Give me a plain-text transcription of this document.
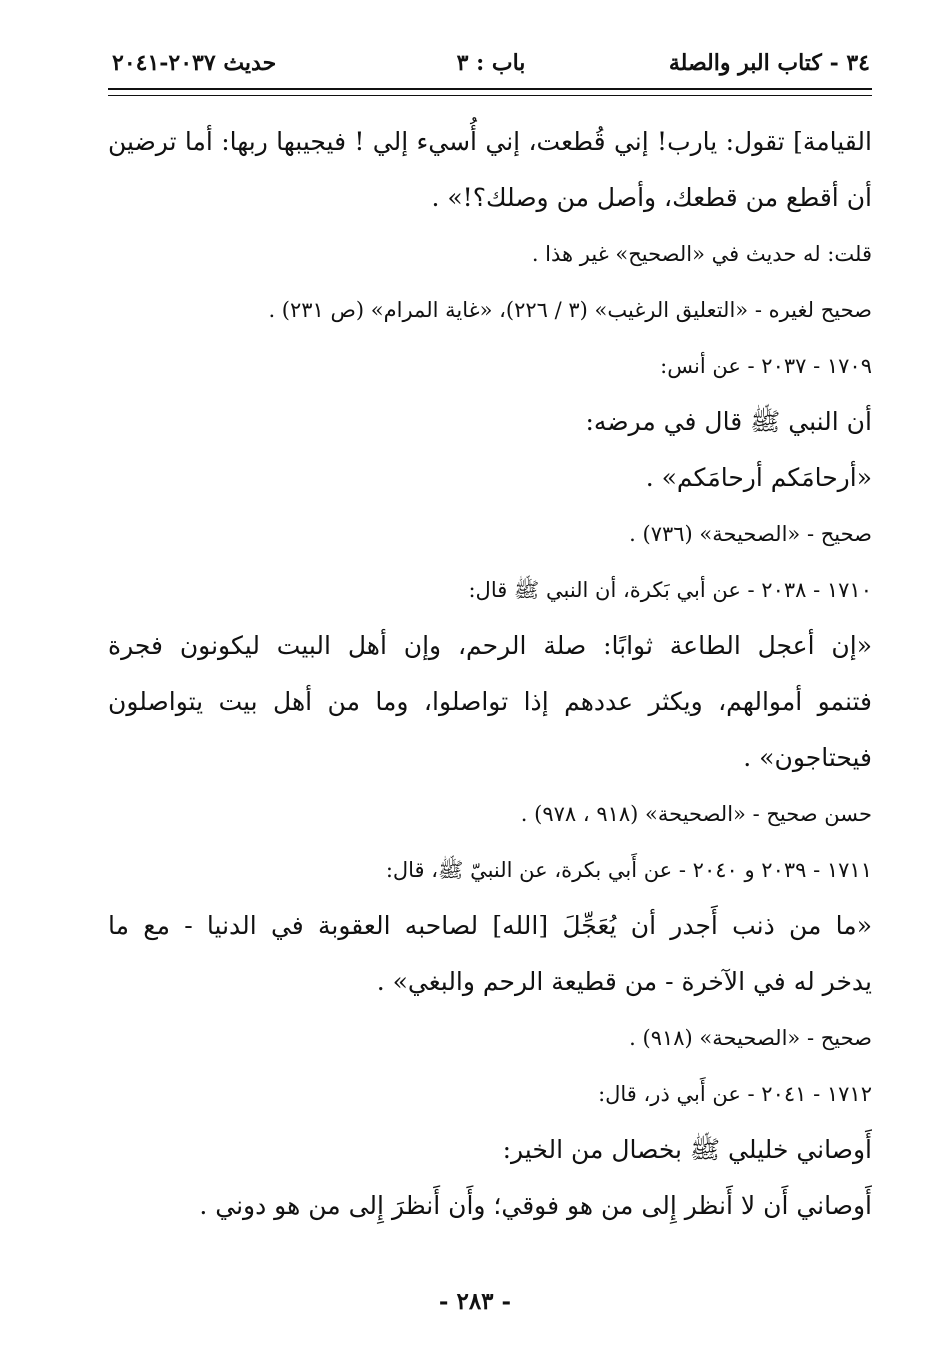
٣٤ - كتاب البر والصلة
باب : ٣
حديث ٢٠٣٧-٢٠٤١
القيامة] تقول: يارب! إني قُطعت، إني أُسيء إلي ! فيجيبها ربها: أما ترضين
أن أقطع من قطعك، وأصل من وصلك؟!» .
قلت: له حديث في «الصحيح» غير هذا .
صحيح لغيره - «التعليق الرغيب» (٣ / ٢٢٦)، «غاية المرام» (ص ٢٣١) .
١٧٠٩ - ٢٠٣٧ - عن أنس:
أن النبي ﷺ قال في مرضه:
«أرحامَكم أرحامَكم» .
صحيح - «الصحيحة» (٧٣٦) .
١٧١٠ - ٢٠٣٨ - عن أبي بَكرة، أن النبي ﷺ قال:
«إن أعجل الطاعة ثوابًا: صلة الرحم، وإن أهل البيت ليكونون فجرة
فتنمو أموالهم، ويكثر عددهم إذا تواصلوا، وما من أهل بيت يتواصلون
فيحتاجون» .
حسن صحيح - «الصحيحة» (٩١٨ ، ٩٧٨) .
١٧١١ - ٢٠٣٩ و ٢٠٤٠ - عن أَبي بكرة، عن النبيّ ﷺ، قال:
«ما من ذنب أَجدر أن يُعَجِّلَ [الله] لصاحبه العقوبة في الدنيا - مع ما
يدخر له في الآخرة - من قطيعة الرحم والبغي» .
صحيح - «الصحيحة» (٩١٨) .
١٧١٢ - ٢٠٤١ - عن أَبي ذر، قال:
أَوصاني خليلي ﷺ بخصال من الخير:
أَوصاني أَن لا أَنظر إِلى من هو فوقي؛ وأَن أَنظرَ إِلى من هو دوني .
- ٢٨٣ -
